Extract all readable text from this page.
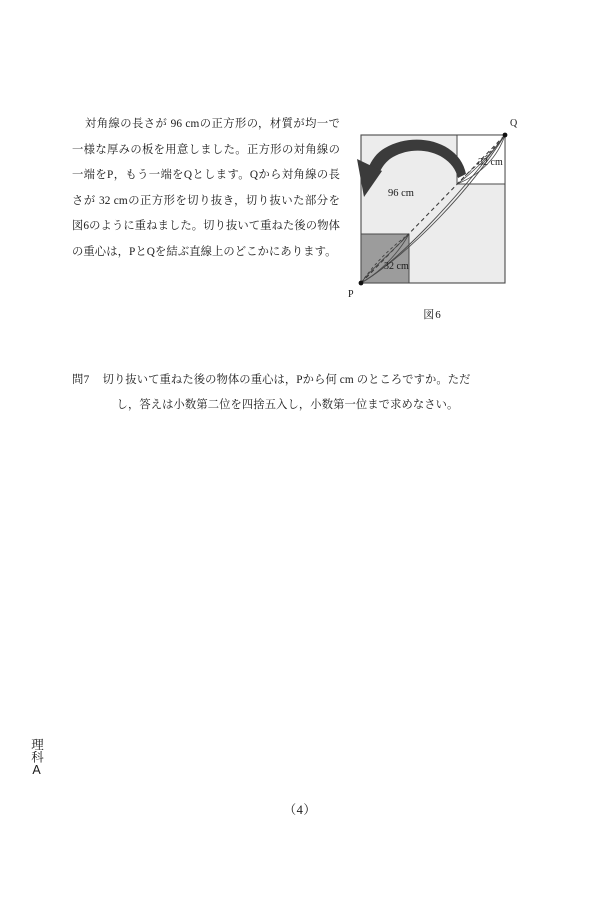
対角線の長さが 96 cmの正方形の，材質が均一で一様な厚みの板を用意しました。正方形の対角線の一端をP，もう一端をQとします。Qから対角線の長さが 32 cmの正方形を切り抜き，切り抜いた部分を図6のように重ねました。切り抜いて重ねた後の物体の重心は，PとQを結ぶ直線上のどこかにあります。

P
Q
96 cm
32 cm
32 cm
図6
問7 切り抜いて重ねた後の物体の重心は，Pから何 cm のところですか。ただ

し，答えは小数第二位を四捨五入し，小数第一位まで求めなさい。

理科A
（4）
